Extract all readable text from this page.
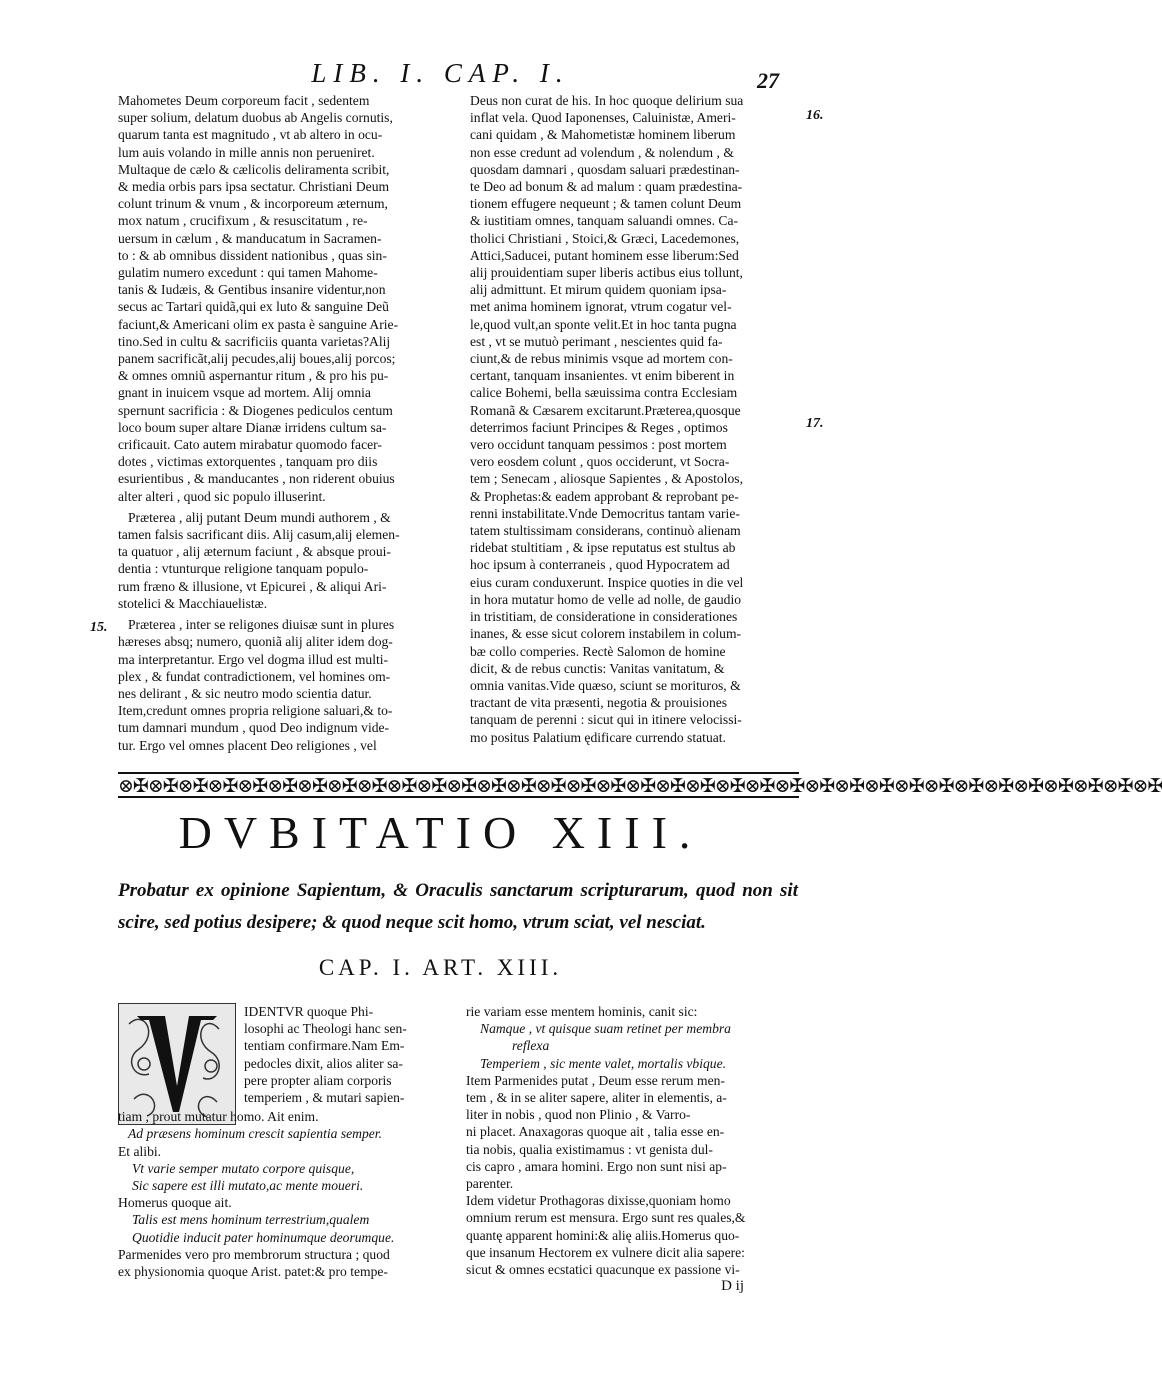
LIB. I. CAP. I.	27

Mahometes Deum corporeum facit , sedentem
super solium, delatum duobus ab Angelis cornutis,
quarum tanta est magnitudo , vt ab altero in ocu-
lum auis volando in mille annis non perueniret.
Multaque de cælo & cælicolis deliramenta scribit,
& media orbis pars ipsa sectatur. Christiani Deum
colunt trinum & vnum , & incorporeum æternum,
mox natum , crucifixum , & resuscitatum , re-
uersum in cælum , & manducatum in Sacramen-
to : & ab omnibus dissident nationibus , quas sin-
gulatim numero excedunt : qui tamen Mahome-
tanis & Iudæis, & Gentibus insanire videntur,non
secus ac Tartari quidã,qui ex luto & sanguine Deũ
faciunt,& Americani olim ex pasta è sanguine Arie-
tino.Sed in cultu & sacrificiis quanta varietas?Alij
panem sacrificãt,alij pecudes,alij boues,alij porcos;
& omnes omniũ aspernantur ritum , & pro his pu-
gnant in inuicem vsque ad mortem. Alij omnia
spernunt sacrificia : & Diogenes pediculos centum
loco boum super altare Dianæ irridens cultum sa-
crificauit. Cato autem mirabatur quomodo facer-
dotes , victimas extorquentes , tanquam pro diis
esurientibus , & manducantes , non riderent obuius
alter alteri , quod sic populo illuserint.

Præterea , alij putant Deum mundi authorem , &
tamen falsis sacrificant diis. Alij casum,alij elemen-
ta quatuor , alij æternum faciunt , & absque proui-
dentia : vtunturque religione tanquam populo-
rum fræno & illusione, vt Epicurei , & aliqui Ari-
stotelici & Macchiauelistæ.

Præterea , inter se religones diuisæ sunt in plures
hæreses absq; numero, quoniã alij aliter idem dog-
ma interpretantur. Ergo vel dogma illud est multi-
plex , & fundat contradictionem, vel homines om-
nes delirant , & sic neutro modo scientia datur.
Item,credunt omnes propria religione saluari,& to-
tum damnari mundum , quod Deo indignum vide-
tur. Ergo vel omnes placent Deo religiones , vel

Deus non curat de his. In hoc quoque delirium sua
inflat vela. Quod Iaponenses, Caluinistæ, Ameri-
cani quidam , & Mahometistæ hominem liberum
non esse credunt ad volendum , & nolendum , &
quosdam damnari , quosdam saluari prædestinan-
te Deo ad bonum & ad malum : quam prædestina-
tionem effugere nequeunt ; & tamen colunt Deum
& iustitiam omnes, tanquam saluandi omnes. Ca-
tholici Christiani , Stoici,& Græci, Lacedemones,
Attici,Saducei, putant hominem esse liberum:Sed
alij prouidentiam super liberis actibus eius tollunt,
alij admittunt. Et mirum quidem quoniam ipsa-
met anima hominem ignorat, vtrum cogatur vel-
le,quod vult,an sponte velit.Et in hoc tanta pugna
est , vt se mutuò perimant , nescientes quid fa-
ciunt,& de rebus minimis vsque ad mortem con-
certant, tanquam insanientes. vt enim biberent in
calice Bohemi, bella sæuissima contra Ecclesiam
Romanã & Cæsarem excitarunt.Præterea,quosque
deterrimos faciunt Principes & Reges , optimos
vero occidunt tanquam pessimos : post mortem
vero eosdem colunt , quos occiderunt, vt Socra-
tem ; Senecam , aliosque Sapientes , & Apostolos,
& Prophetas:& eadem approbant & reprobant pe-
renni instabilitate.Vnde Democritus tantam varie-
tatem stultissimam considerans, continuò alienam
ridebat stultitiam , & ipse reputatus est stultus ab
hoc ipsum à conterraneis , quod Hypocratem ad
eius curam conduxerunt. Inspice quoties in die vel
in hora mutatur homo de velle ad nolle, de gaudio
in tristitiam, de consideratione in considerationes
inanes, & esse sicut colorem instabilem in colum-
bæ collo comperies. Rectè Salomon de homine
dicit, & de rebus cunctis: Vanitas vanitatum, &
omnia vanitas.Vide quæso, sciunt se morituros, &
tractant de vita præsenti, negotia & prouisiones
tanquam de perenni : sicut qui in itinere velocissi-
mo positus Palatium ędificare currendo statuat.

16.
17.
15.
⊗✠⊗✠⊗✠⊗✠⊗✠⊗✠⊗✠⊗✠⊗✠⊗✠⊗✠⊗✠⊗✠⊗✠⊗✠⊗✠⊗✠⊗✠⊗✠⊗✠⊗✠⊗✠⊗✠⊗✠⊗✠⊗✠⊗✠⊗✠⊗✠⊗✠⊗✠⊗✠⊗✠⊗✠⊗✠
DVBITATIO XIII.
Probatur ex opinione Sapientum, & Oraculis sanctarum scripturarum, quod non sit scire, sed potius desipere; & quod neque scit homo, vtrum sciat, vel nesciat.
CAP. I. ART. XIII.
IDENTVR quoque Phi-
losophi ac Theologi hanc sen-
tentiam confirmare.Nam Em-
pedocles dixit, alios aliter sa-
pere propter aliam corporis
temperiem , & mutari sapien-
tiam , prout mutatur homo. Ait enim.
Ad præsens hominum crescit sapientia semper.
Et alibi.
Vt varie semper mutato corpore quisque,
Sic sapere est illi mutato,ac mente moueri.
Homerus quoque ait.
Talis est mens hominum terrestrium,qualem
Quotidie inducit pater hominumque deorumque.
Parmenides vero pro membrorum structura ; quod
ex physionomia quoque Arist. patet:& pro tempe-
rie variam esse mentem hominis, canit sic:
Namque , vt quisque suam retinet per membra
reflexa
Temperiem , sic mente valet, mortalis vbique.
Item Parmenides putat , Deum esse rerum men-
tem , & in se aliter sapere, aliter in elementis, a-
liter in nobis , quod non Plinio , & Varro-
ni placet. Anaxagoras quoque ait , talia esse en-
tia nobis, qualia existimamus : vt genista dul-
cis capro , amara homini. Ergo non sunt nisi ap-
parenter.
Idem videtur Prothagoras dixisse,quoniam homo
omnium rerum est mensura. Ergo sunt res quales,&
quantę apparent homini:& alię aliis.Homerus quo-
que insanum Hectorem ex vulnere dicit alia sapere:
sicut & omnes ecstatici quacunque ex passione vi-
D ij
